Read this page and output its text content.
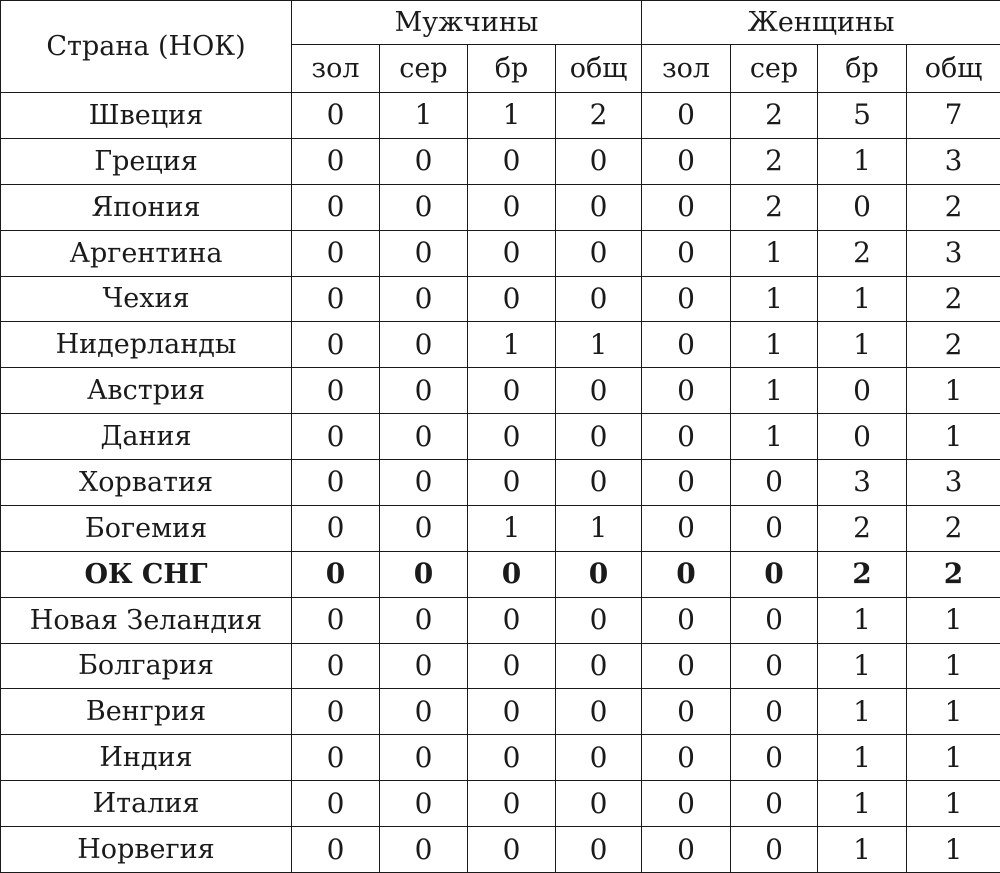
Страна (НОК)	Мужчины				Женщины			
	зол	сер	бр	общ	зол	сер	бр	общ
Швеция	0	1	1	2	0	2	5	7
Греция	0	0	0	0	0	2	1	3
Япония	0	0	0	0	0	2	0	2
Аргентина	0	0	0	0	0	1	2	3
Чехия	0	0	0	0	0	1	1	2
Нидерланды	0	0	1	1	0	1	1	2
Австрия	0	0	0	0	0	1	0	1
Дания	0	0	0	0	0	1	0	1
Хорватия	0	0	0	0	0	0	3	3
Богемия	0	0	1	1	0	0	2	2
ОК СНГ	0	0	0	0	0	0	2	2
Новая Зеландия	0	0	0	0	0	0	1	1
Болгария	0	0	0	0	0	0	1	1
Венгрия	0	0	0	0	0	0	1	1
Индия	0	0	0	0	0	0	1	1
Италия	0	0	0	0	0	0	1	1
Норвегия	0	0	0	0	0	0	1	1
